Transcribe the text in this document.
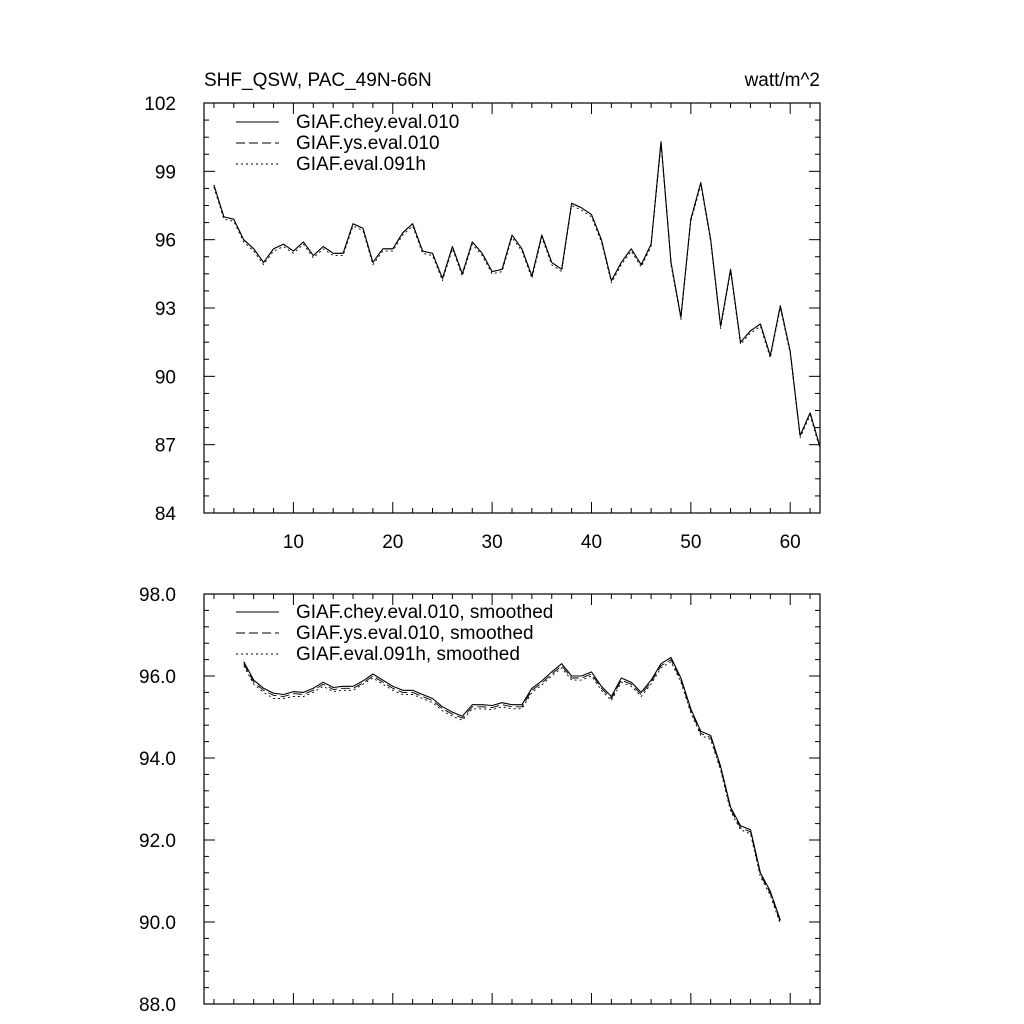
SHF_QSW, PAC_49N-66N	watt/m^2
84
87
90
93
96
99
102
10	20	30	40	50	60
GIAF.chey.eval.010
GIAF.ys.eval.010
GIAF.eval.091h
88.0
90.0
92.0
94.0
96.0
98.0
GIAF.chey.eval.010, smoothed
GIAF.ys.eval.010, smoothed
GIAF.eval.091h, smoothed
